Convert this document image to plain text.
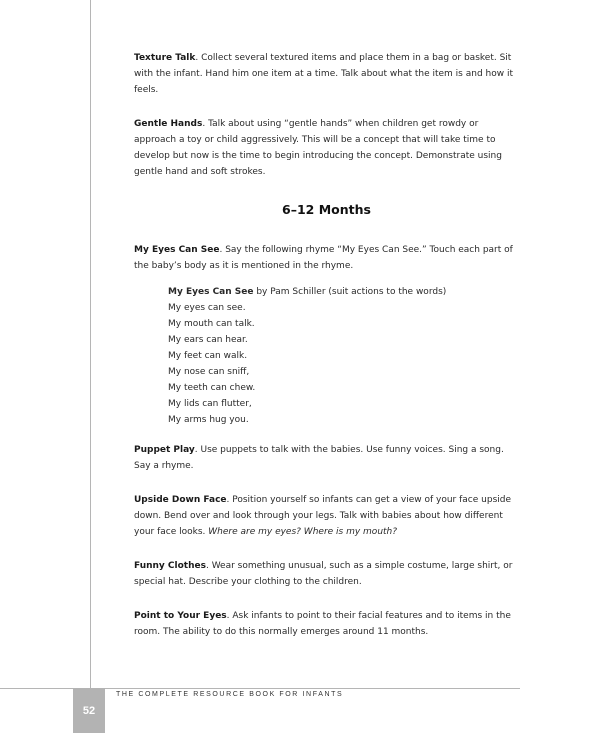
Texture Talk. Collect several textured items and place them in a bag or basket. Sit with the infant. Hand him one item at a time. Talk about what the item is and how it feels.

Gentle Hands. Talk about using “gentle hands” when children get rowdy or approach a toy or child aggressively. This will be a concept that will take time to develop but now is the time to begin introducing the concept. Demonstrate using gentle hand and soft strokes.

6–12 Months

My Eyes Can See. Say the following rhyme “My Eyes Can See.” Touch each part of the baby’s body as it is mentioned in the rhyme.

My Eyes Can See by Pam Schiller (suit actions to the words)
My eyes can see.
My mouth can talk.
My ears can hear.
My feet can walk.
My nose can sniff,
My teeth can chew.
My lids can flutter,
My arms hug you.

Puppet Play. Use puppets to talk with the babies. Use funny voices. Sing a song. Say a rhyme.

Upside Down Face. Position yourself so infants can get a view of your face upside down. Bend over and look through your legs. Talk with babies about how different your face looks. Where are my eyes? Where is my mouth?

Funny Clothes. Wear something unusual, such as a simple costume, large shirt, or special hat. Describe your clothing to the children.

Point to Your Eyes. Ask infants to point to their facial features and to items in the room. The ability to do this normally emerges around 11 months.

52
THE COMPLETE RESOURCE BOOK FOR INFANTS
